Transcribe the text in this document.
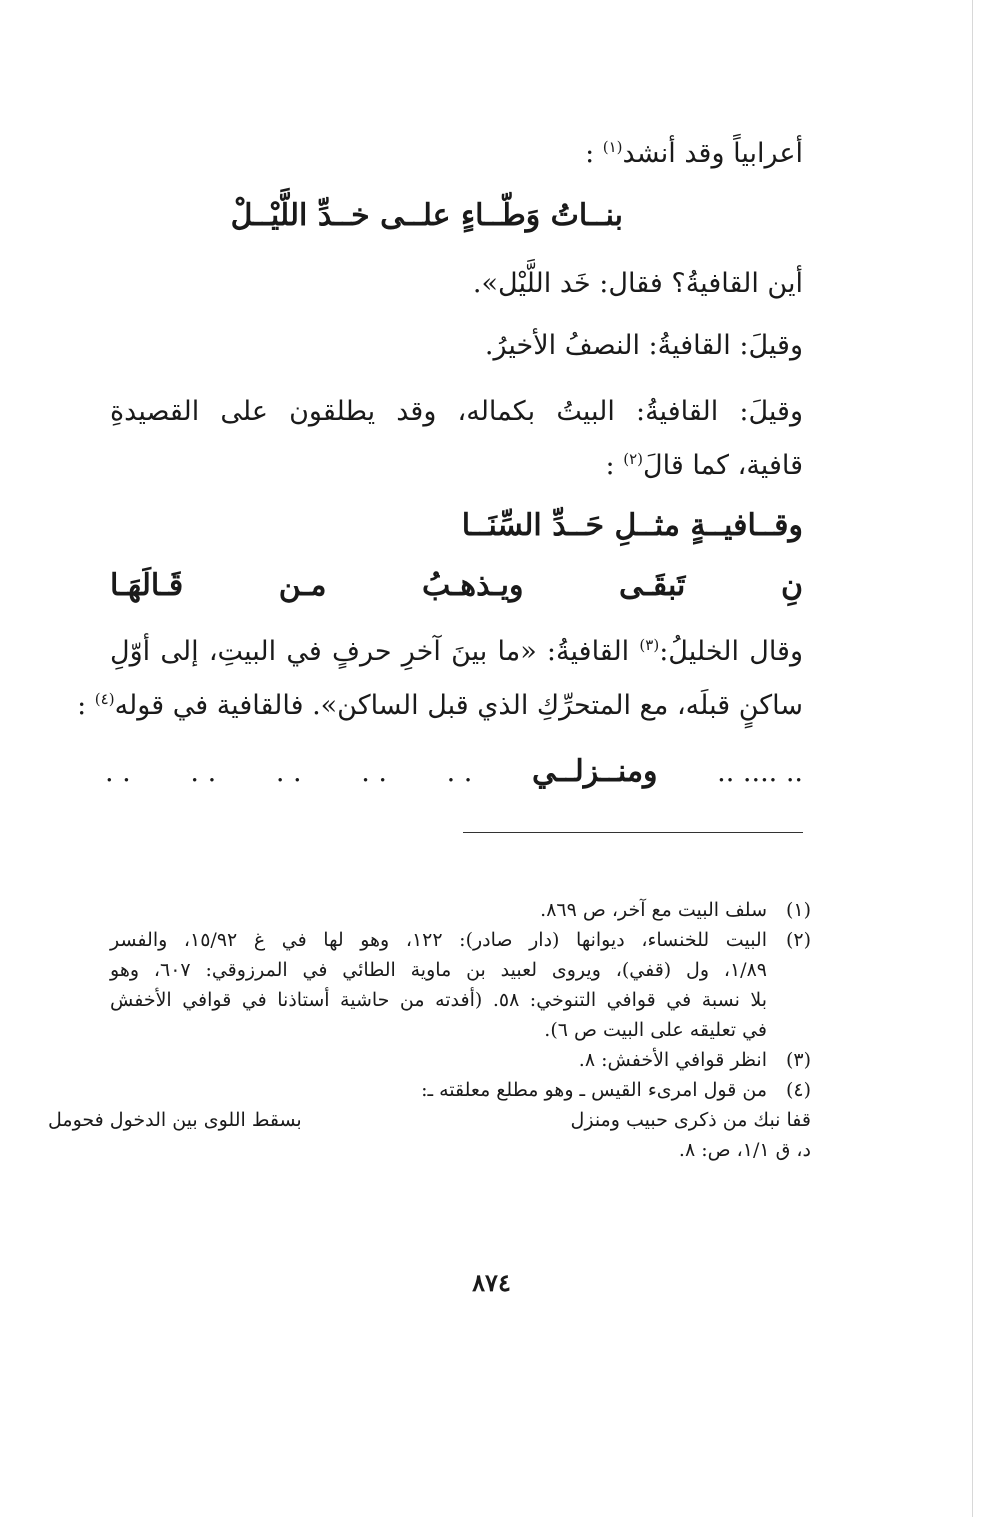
أعرابياً وقد أنشد$^{(١)}$ :
بنــاتُ وَطّــاءٍ علــى خــدِّ اللَّيْــلْ
أين القافيةُ؟ فقال: خَد اللَّيْل».
وقيلَ: القافيةُ: النصفُ الأخيرُ.
وقيلَ: القافيةُ: البيتُ بكماله، وقد يطلقون على القصيدةِ
قافية، كما قالَ$^{(٢)}$ :
وقــافيــةٍ مثــلِ حَــدِّ السِّنَــا
نِ تَبقَـى ويـذهـبُ مـن قَـالَهَـا
وقال الخليلُ:$^{(٣)}$ القافيةُ: «ما بينَ آخرِ حرفٍ في البيتِ، إلى أوّلِ
ساكنٍ قبلَه، مع المتحرِّكِ الذي قبل الساكن». فالقافية في قوله$^{(٤)}$ :
.. .... ..
ومنــزلــي
. .
. .
. .
. .
. .
(١)
سلف البيت مع آخر، ص ٨٦٩.
(٢)
البيت للخنساء، ديوانها (دار صادر): ١٢٢، وهو لها في غ ١٥/٩٢، والفسر
١/٨٩، ول (قفي)، ويروى لعبيد بن ماوية الطائي في المرزوقي: ٦٠٧، وهو
بلا نسبة في قوافي التنوخي: ٥٨. (أفدته من حاشية أستاذنا في قوافي الأخفش
في تعليقه على البيت ص ٦).
(٣)
انظر قوافي الأخفش: ٨.
(٤)
من قول امرىء القيس ـ وهو مطلع معلقته ـ:
قفا نبك من ذكرى حبيب ومنزل
بسقط اللوى بين الدخول فحومل
د، ق ١/١، ص: ٨.
٨٧٤
